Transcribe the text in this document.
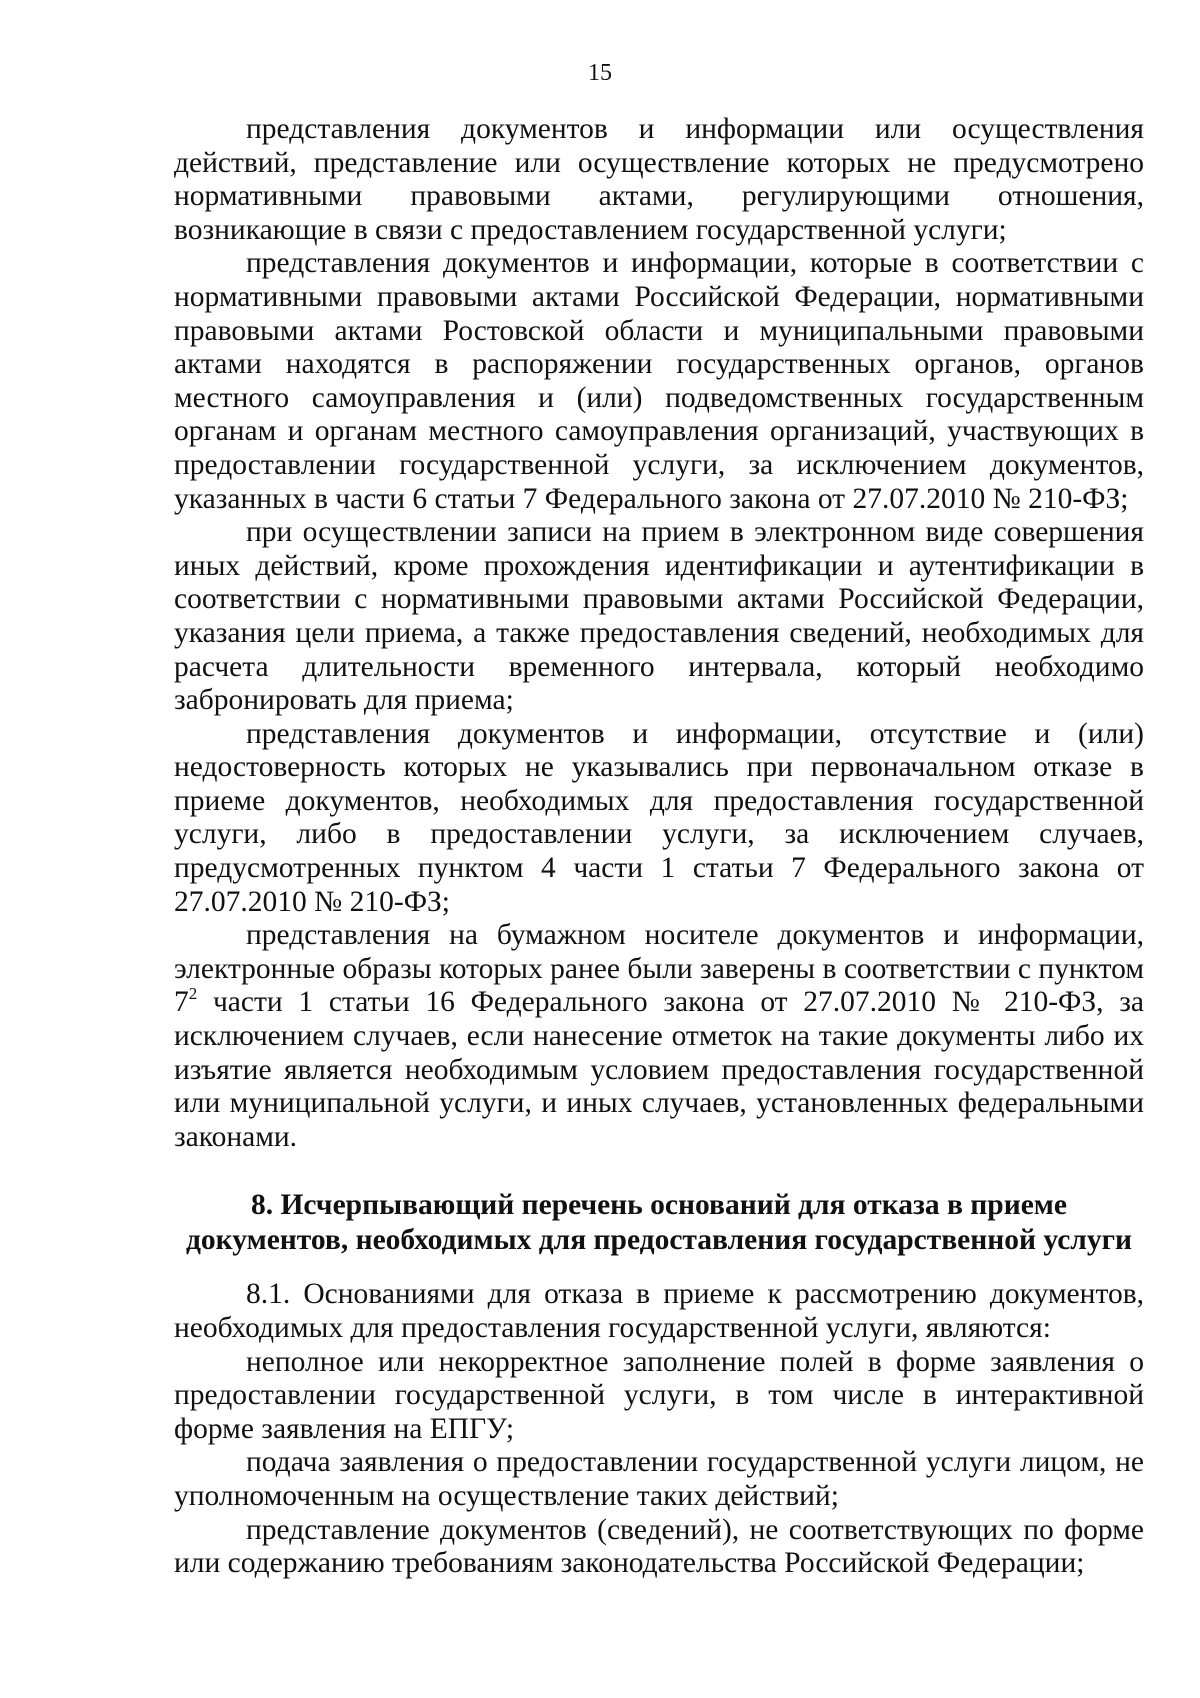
15

представления документов и информации или осуществления действий, представление или осуществление которых не предусмотрено нормативными правовыми актами, регулирующими отношения, возникающие в связи с предоставлением государственной услуги;

представления документов и информации, которые в соответствии с нормативными правовыми актами Российской Федерации, нормативными правовыми актами Ростовской области и муниципальными правовыми актами находятся в распоряжении государственных органов, органов местного самоуправления и (или) подведомственных государственным органам и органам местного самоуправления организаций, участвующих в предоставлении государственной услуги, за исключением документов, указанных в части 6 статьи 7 Федерального закона от 27.07.2010 № 210-ФЗ;

при осуществлении записи на прием в электронном виде совершения иных действий, кроме прохождения идентификации и аутентификации в соответствии с нормативными правовыми актами Российской Федерации, указания цели приема, а также предоставления сведений, необходимых для расчета длительности временного интервала, который необходимо забронировать для приема;

представления документов и информации, отсутствие и (или) недостоверность которых не указывались при первоначальном отказе в приеме документов, необходимых для предоставления государственной услуги, либо в предоставлении услуги, за исключением случаев, предусмотренных пунктом 4 части 1 статьи 7 Федерального закона от 27.07.2010 № 210-ФЗ;

представления на бумажном носителе документов и информации, электронные образы которых ранее были заверены в соответствии с пунктом $7^2$ части 1 статьи 16 Федерального закона от 27.07.2010 № 210-ФЗ, за исключением случаев, если нанесение отметок на такие документы либо их изъятие является необходимым условием предоставления государственной или муниципальной услуги, и иных случаев, установленных федеральными законами.

8. Исчерпывающий перечень оснований для отказа в приеме
документов, необходимых для предоставления государственной услуги

8.1. Основаниями для отказа в приеме к рассмотрению документов, необходимых для предоставления государственной услуги, являются:

неполное или некорректное заполнение полей в форме заявления о предоставлении государственной услуги, в том числе в интерактивной форме заявления на ЕПГУ;

подача заявления о предоставлении государственной услуги лицом, не уполномоченным на осуществление таких действий;

представление документов (сведений), не соответствующих по форме или содержанию требованиям законодательства Российской Федерации;
